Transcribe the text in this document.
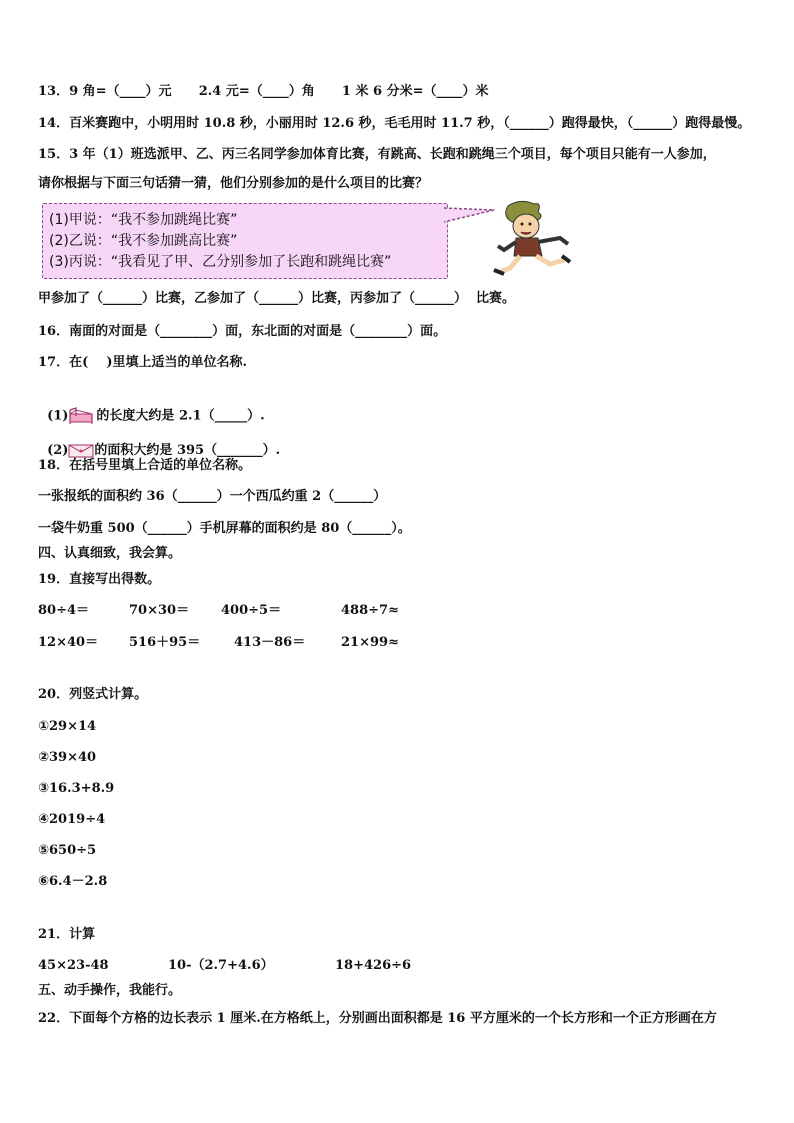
13．9 角=（____）元      2.4 元=（____）角      1 米 6 分米=（____）米
14．百米赛跑中，小明用时 10.8 秒，小丽用时 12.6 秒，毛毛用时 11.7 秒，（______）跑得最快，（______）跑得最慢。
15．3 年（1）班选派甲、乙、丙三名同学参加体育比赛，有跳高、长跑和跳绳三个项目，每个项目只能有一人参加，
请你根据与下面三句话猜一猜，他们分别参加的是什么项目的比赛？
(1)甲说：“我不参加跳绳比赛”
(2)乙说：“我不参加跳高比赛”
(3)丙说：“我看见了甲、乙分别参加了长跑和跳绳比赛”
甲参加了（______）比赛，乙参加了（______）比赛，丙参加了（______）  比赛。
16．南面的对面是（________）面，东北面的对面是（________）面。
17．在(    )里填上适当的单位名称.

(1) 的长度大约是 2.1（_____）.

(2) 的面积大约是 395（_______）.

18．在括号里填上合适的单位名称。
一张报纸的面积约 36（______）一个西瓜约重 2（______）
一袋牛奶重 500（______）手机屏幕的面积约是 80（______）。
四、认真细致，我会算。
19．直接写出得数。
80÷4＝	70×30＝ 400÷5＝	488÷7≈
12×40＝ 516＋95＝	413－86＝	21×99≈
20．列竖式计算。
①29×14
②39×40
③16.3+8.9
④2019÷4
⑤650÷5
⑥6.4－2.8
21．计算
45×23-48	10-（2.7+4.6）	18+426÷6
五、动手操作，我能行。
22．下面每个方格的边长表示 1 厘米.在方格纸上，分别画出面积都是 16 平方厘米的一个长方形和一个正方形画在方
